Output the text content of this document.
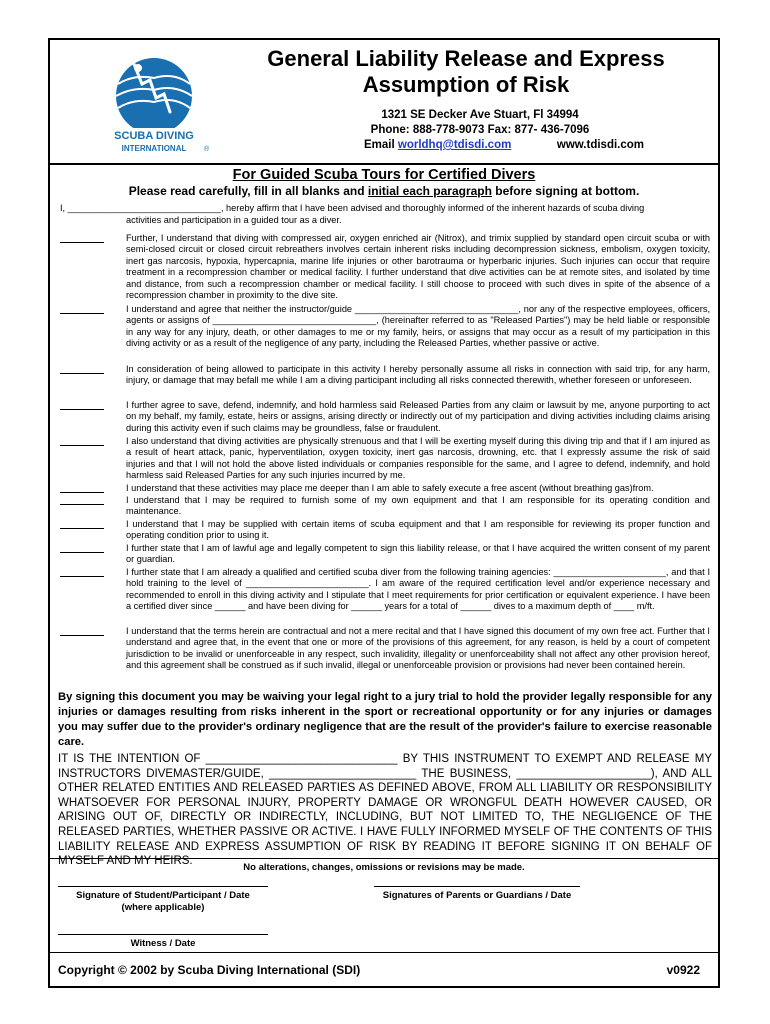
SCUBA DIVING
INTERNATIONAL	®
General Liability Release and Express
Assumption of Risk
1321 SE Decker Ave Stuart, Fl 34994
Phone: 888-778-9073 Fax: 877- 436-7096
Email worldhq@tdisdi.com	www.tdisdi.com
For Guided Scuba Tours for Certified Divers
Please read carefully, fill in all blanks and initial each paragraph before signing at bottom.
I, ______________________________, hereby affirm that I have been advised and thoroughly informed of the inherent hazards of scuba diving
activities and participation in a guided tour as a diver.
Further, I understand that diving with compressed air, oxygen enriched air (Nitrox), and trimix supplied by standard open circuit scuba or with semi-closed circuit or closed circuit rebreathers involves certain inherent risks including decompression sickness, embolism, oxygen toxicity, inert gas narcosis, hypoxia, hypercapnia, marine life injuries or other barotrauma or hyperbaric injuries. Such injuries can occur that require treatment in a recompression chamber or medical facility. I further understand that dive activities can be at remote sites, and isolated by time and distance, from such a recompression chamber or medical facility. I still choose to proceed with such dives in spite of the absence of a recompression chamber in proximity to the dive site.
I understand and agree that neither the instructor/guide ________________________________, nor any of the respective employees, officers, agents or assigns of ________________________________, (hereinafter referred to as "Released Parties") may be held liable or responsible in any way for any injury, death, or other damages to me or my family, heirs, or assigns that may occur as a result of my participation in this diving activity or as a result of the negligence of any party, including the Released Parties, whether passive or active.
In consideration of being allowed to participate in this activity I hereby personally assume all risks in connection with said trip, for any harm, injury, or damage that may befall me while I am a diving participant including all risks connected therewith, whether foreseen or unforeseen.
I further agree to save, defend, indemnify, and hold harmless said Released Parties from any claim or lawsuit by me, anyone purporting to act on my behalf, my family, estate, heirs or assigns, arising directly or indirectly out of my participation and diving activities including claims arising during this activity even if such claims may be groundless, false or fraudulent.
I also understand that diving activities are physically strenuous and that I will be exerting myself during this diving trip and that if I am injured as a result of heart attack, panic, hyperventilation, oxygen toxicity, inert gas narcosis, drowning, etc. that I expressly assume the risk of said injuries and that I will not hold the above listed individuals or companies responsible for the same, and I agree to defend, indemnify, and hold harmless said Released Parties for any such injuries incurred by me.
I understand that these activities may place me deeper than I am able to safely execute a free ascent (without breathing gas)from.
I understand that I may be required to furnish some of my own equipment and that I am responsible for its operating condition and maintenance.
I understand that I may be supplied with certain items of scuba equipment and that I am responsible for reviewing its proper function and operating condition prior to using it.
I further state that I am of lawful age and legally competent to sign this liability release, or that I have acquired the written consent of my parent or guardian.
I further state that I am already a qualified and certified scuba diver from the following training agencies: ______________________, and that I hold training to the level of ________________________. I am aware of the required certification level and/or experience necessary and recommended to enroll in this diving activity and I stipulate that I meet requirements for prior certification or equivalent experience. I have been a certified diver since ______ and have been diving for ______ years for a total of ______ dives to a maximum depth of ____ m/ft.
I understand that the terms herein are contractual and not a mere recital and that I have signed this document of my own free act. Further that I understand and agree that, in the event that one or more of the provisions of this agreement, for any reason, is held by a court of competent jurisdiction to be invalid or unenforceable in any respect, such invalidity, illegality or unenforceability shall not affect any other provision hereof, and this agreement shall be construed as if such invalid, illegal or unenforceable provision or provisions had never been contained herein.
By signing this document you may be waiving your legal right to a jury trial to hold the provider legally responsible for any injuries or damages resulting from risks inherent in the sport or recreational opportunity or for any injuries or damages you may suffer due to the provider's ordinary negligence that are the result of the provider's failure to exercise reasonable care.
IT IS THE INTENTION OF ______________________________ BY THIS INSTRUMENT TO EXEMPT AND RELEASE MY INSTRUCTORS DIVEMASTER/GUIDE, _______________________ THE BUSINESS, _____________________), AND ALL OTHER RELATED ENTITIES AND RELEASED PARTIES AS DEFINED ABOVE, FROM ALL LIABILITY OR RESPONSIBILITY WHATSOEVER FOR PERSONAL INJURY, PROPERTY DAMAGE OR WRONGFUL DEATH HOWEVER CAUSED, OR ARISING OUT OF, DIRECTLY OR INDIRECTLY, INCLUDING, BUT NOT LIMITED TO, THE NEGLIGENCE OF THE RELEASED PARTIES, WHETHER PASSIVE OR ACTIVE. I HAVE FULLY INFORMED MYSELF OF THE CONTENTS OF THIS LIABILITY RELEASE AND EXPRESS ASSUMPTION OF RISK BY READING IT BEFORE SIGNING IT ON BEHALF OF MYSELF AND MY HEIRS.
No alterations, changes, omissions or revisions may be made.
Signature of Student/Participant / Date
(where applicable)
Signatures of Parents or Guardians / Date
Witness / Date
Copyright © 2002 by Scuba Diving International (SDI)	v0922
